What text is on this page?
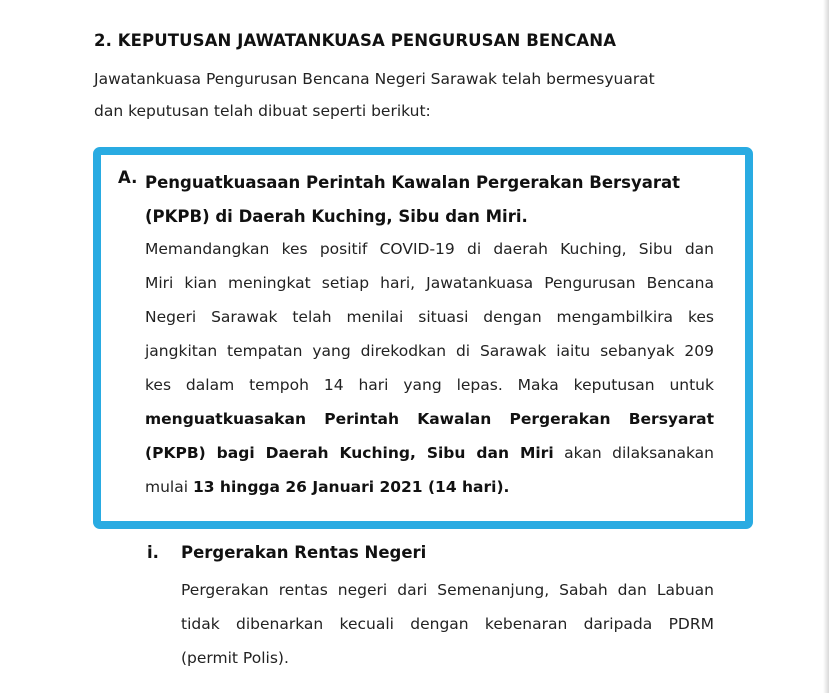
2. KEPUTUSAN JAWATANKUASA PENGURUSAN BENCANA
Jawatankuasa Pengurusan Bencana Negeri Sarawak telah bermesyuarat
dan keputusan telah dibuat seperti berikut:
A. Penguatkuasaan Perintah Kawalan Pergerakan Bersyarat
(PKPB) di Daerah Kuching, Sibu dan Miri.
Memandangkan kes positif COVID-19 di daerah Kuching, Sibu dan
Miri kian meningkat setiap hari, Jawatankuasa Pengurusan Bencana
Negeri Sarawak telah menilai situasi dengan mengambilkira kes
jangkitan tempatan yang direkodkan di Sarawak iaitu sebanyak 209
kes dalam tempoh 14 hari yang lepas. Maka keputusan untuk
menguatkuasakan Perintah Kawalan Pergerakan Bersyarat
(PKPB) bagi Daerah Kuching, Sibu dan Miri akan dilaksanakan
mulai 13 hingga 26 Januari 2021 (14 hari).
i. Pergerakan Rentas Negeri
Pergerakan rentas negeri dari Semenanjung, Sabah dan Labuan
tidak dibenarkan kecuali dengan kebenaran daripada PDRM
(permit Polis).
